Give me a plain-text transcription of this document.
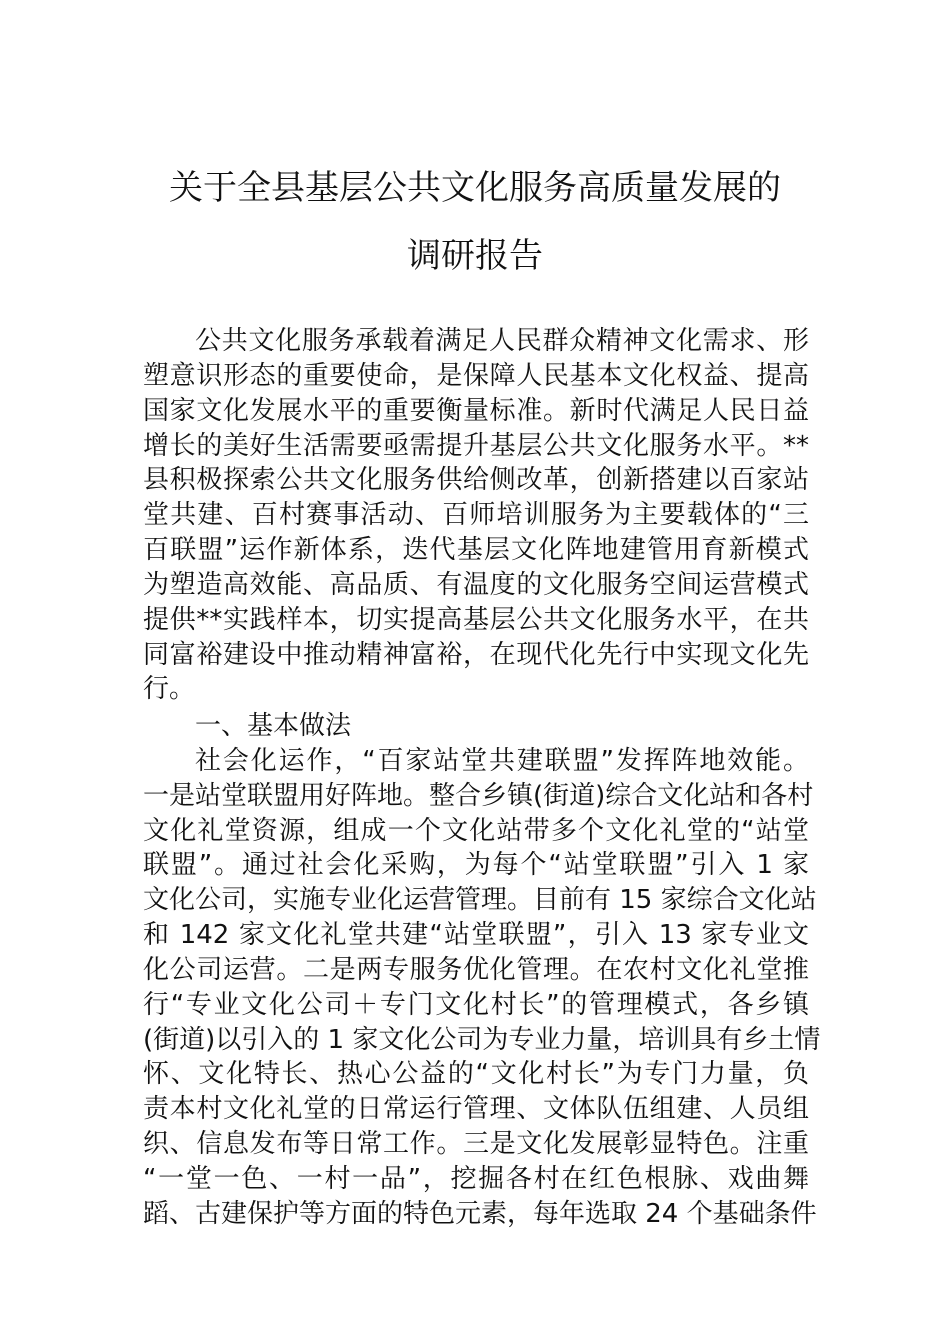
关于全县基层公共文化服务高质量发展的
调研报告
公共文化服务承载着满足人民群众精神文化需求、形
塑意识形态的重要使命，是保障人民基本文化权益、提高
国家文化发展水平的重要衡量标准。新时代满足人民日益
增长的美好生活需要亟需提升基层公共文化服务水平。**
县积极探索公共文化服务供给侧改革，创新搭建以百家站
堂共建、百村赛事活动、百师培训服务为主要载体的“三
百联盟”运作新体系，迭代基层文化阵地建管用育新模式
为塑造高效能、高品质、有温度的文化服务空间运营模式
提供**实践样本，切实提高基层公共文化服务水平，在共
同富裕建设中推动精神富裕，在现代化先行中实现文化先
行。
一、基本做法
社会化运作，“百家站堂共建联盟”发挥阵地效能。
一是站堂联盟用好阵地。整合乡镇(街道)综合文化站和各村
文化礼堂资源，组成一个文化站带多个文化礼堂的“站堂
联盟”。通过社会化采购，为每个“站堂联盟”引入 1 家
文化公司，实施专业化运营管理。目前有 15 家综合文化站
和 142 家文化礼堂共建“站堂联盟”，引入 13 家专业文
化公司运营。二是两专服务优化管理。在农村文化礼堂推
行“专业文化公司＋专门文化村长”的管理模式，各乡镇
(街道)以引入的 1 家文化公司为专业力量，培训具有乡土情
怀、文化特长、热心公益的“文化村长”为专门力量，负
责本村文化礼堂的日常运行管理、文体队伍组建、人员组
织、信息发布等日常工作。三是文化发展彰显特色。注重
“一堂一色、一村一品”，挖掘各村在红色根脉、戏曲舞
蹈、古建保护等方面的特色元素，每年选取 24 个基础条件
